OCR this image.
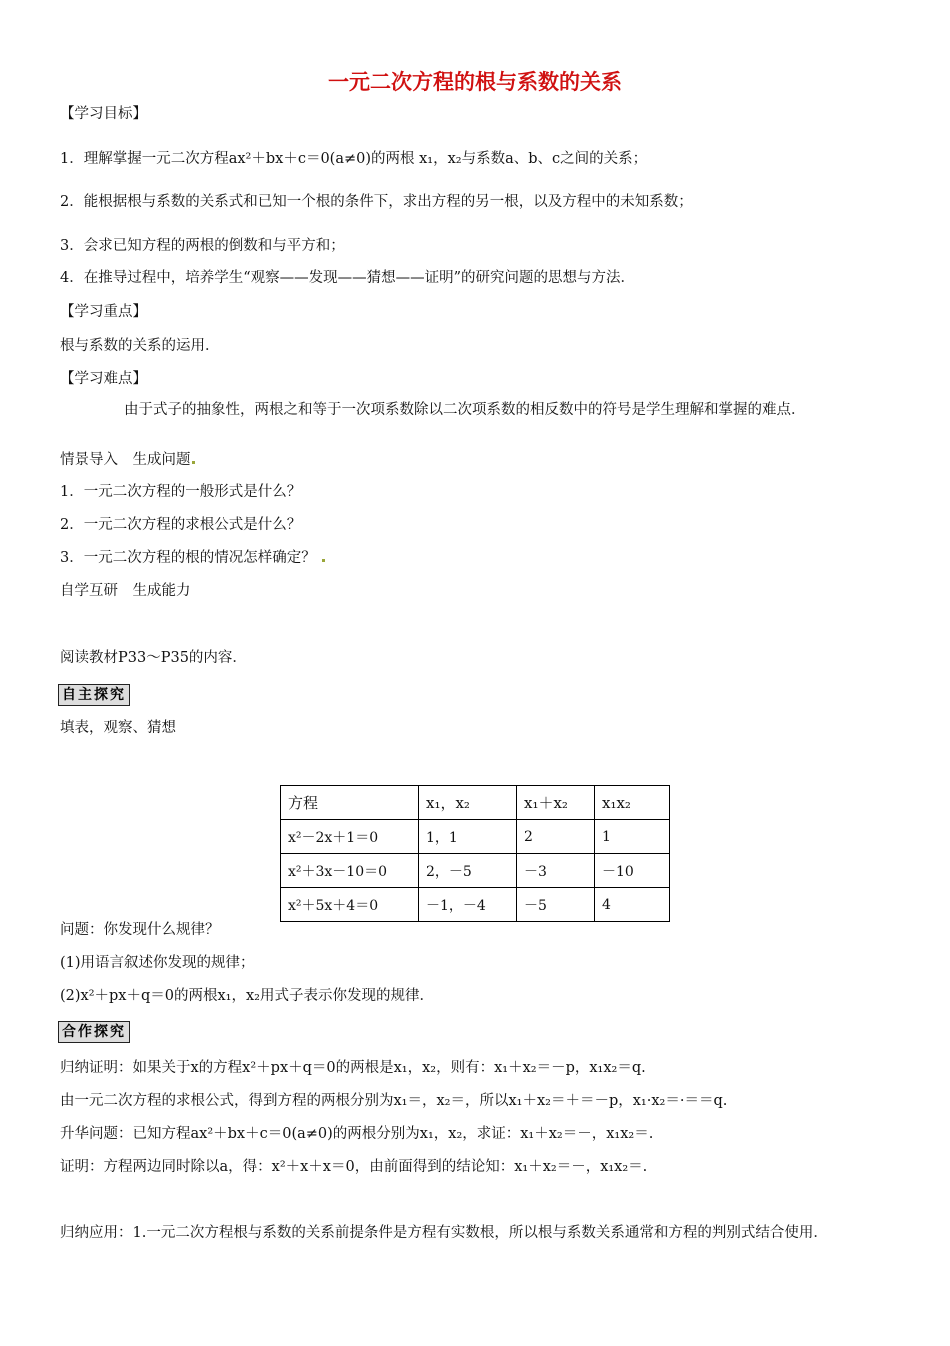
一元二次方程的根与系数的关系
【学习目标】
1．理解掌握一元二次方程ax²＋bx＋c＝0(a≠0)的两根 x₁，x₂与系数a、b、c之间的关系；
2．能根据根与系数的关系式和已知一个根的条件下，求出方程的另一根，以及方程中的未知系数；
3．会求已知方程的两根的倒数和与平方和；
4．在推导过程中，培养学生“观察——发现——猜想——证明”的研究问题的思想与方法．
【学习重点】
根与系数的关系的运用．
【学习难点】
由于式子的抽象性，两根之和等于一次项系数除以二次项系数的相反数中的符号是学生理解和掌握的难点．
情景导入　生成问题
1．一元二次方程的一般形式是什么？
2．一元二次方程的求根公式是什么？
3．一元二次方程的根的情况怎样确定？
自学互研　生成能力
阅读教材P33～P35的内容．
自主探究
填表，观察、猜想
方程	x₁，x₂	x₁＋x₂	x₁x₂
x²－2x＋1＝0	1，1	2	1
x²＋3x－10＝0	2，－5	－3	－10
x²＋5x＋4＝0	－1，－4	－5	4
问题：你发现什么规律？
(1)用语言叙述你发现的规律；
(2)x²＋px＋q＝0的两根x₁，x₂用式子表示你发现的规律．
合作探究
归纳证明：如果关于x的方程x²＋px＋q＝0的两根是x₁，x₂，则有：x₁＋x₂＝－p，x₁x₂＝q.
由一元二次方程的求根公式，得到方程的两根分别为x₁＝，x₂＝，所以x₁＋x₂＝＋＝－p，x₁·x₂＝·＝＝q.
升华问题：已知方程ax²＋bx＋c＝0(a≠0)的两根分别为x₁，x₂，求证：x₁＋x₂＝－，x₁x₂＝.
证明：方程两边同时除以a，得：x²＋x＋x＝0，由前面得到的结论知：x₁＋x₂＝－，x₁x₂＝.
归纳应用：1.一元二次方程根与系数的关系前提条件是方程有实数根，所以根与系数关系通常和方程的判别式结合使用．
